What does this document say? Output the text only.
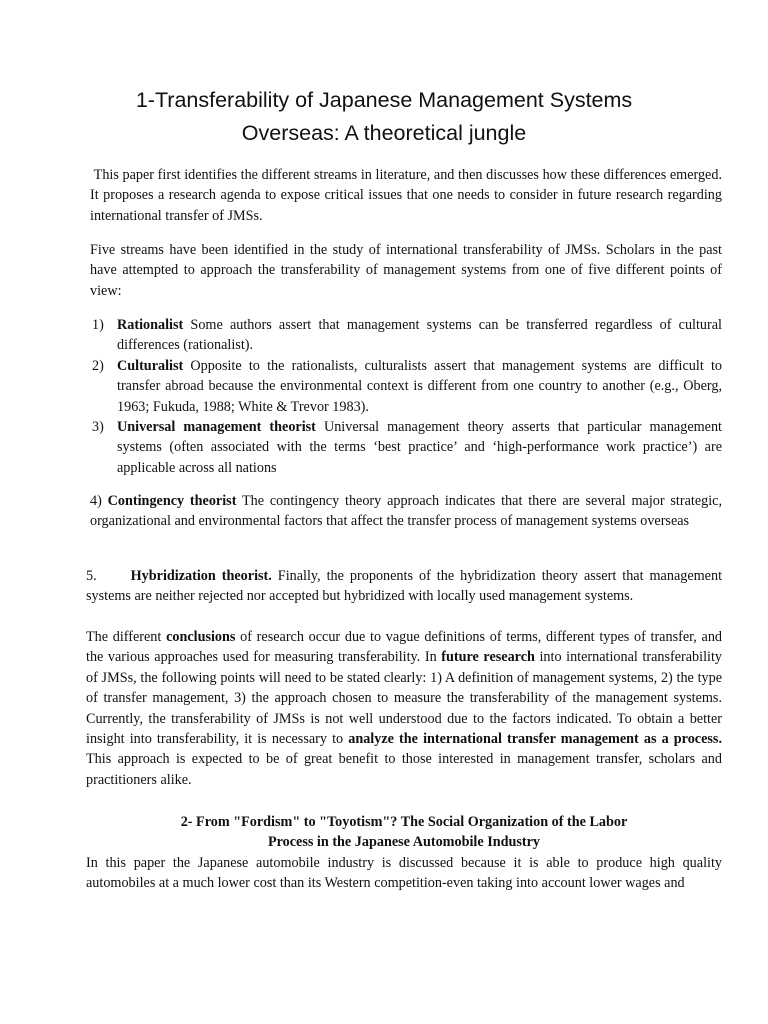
1-Transferability of Japanese Management Systems
Overseas: A theoretical jungle

This paper first identifies the different streams in literature, and then discusses how these differences emerged. It proposes a research agenda to expose critical issues that one needs to consider in future research regarding international transfer of JMSs.

Five streams have been identified in the study of international transferability of JMSs. Scholars in the past have attempted to approach the transferability of management systems from one of five different points of view:

1) Rationalist Some authors assert that management systems can be transferred regardless of cultural differences (rationalist).
2) Culturalist Opposite to the rationalists, culturalists assert that management systems are difficult to transfer abroad because the environmental context is different from one country to another (e.g., Oberg, 1963; Fukuda, 1988; White & Trevor 1983).
3) Universal management theorist Universal management theory asserts that particular management systems (often associated with the terms ‘best practice’ and ‘high-performance work practice’) are applicable across all nations

4) Contingency theorist The contingency theory approach indicates that there are several major strategic, organizational and environmental factors that affect the transfer process of management systems overseas

5. Hybridization theorist. Finally, the proponents of the hybridization theory assert that management systems are neither rejected nor accepted but hybridized with locally used management systems.

The different conclusions of research occur due to vague definitions of terms, different types of transfer, and the various approaches used for measuring transferability. In future research into international transferability of JMSs, the following points will need to be stated clearly: 1) A definition of management systems, 2) the type of transfer management, 3) the approach chosen to measure the transferability of the management systems. Currently, the transferability of JMSs is not well understood due to the factors indicated. To obtain a better insight into transferability, it is necessary to analyze the international transfer management as a process. This approach is expected to be of great benefit to those interested in management transfer, scholars and practitioners alike.

2- From "Fordism" to "Toyotism"? The Social Organization of the Labor
Process in the Japanese Automobile Industry

In this paper the Japanese automobile industry is discussed because it is able to produce high quality automobiles at a much lower cost than its Western competition-even taking into account lower wages and
